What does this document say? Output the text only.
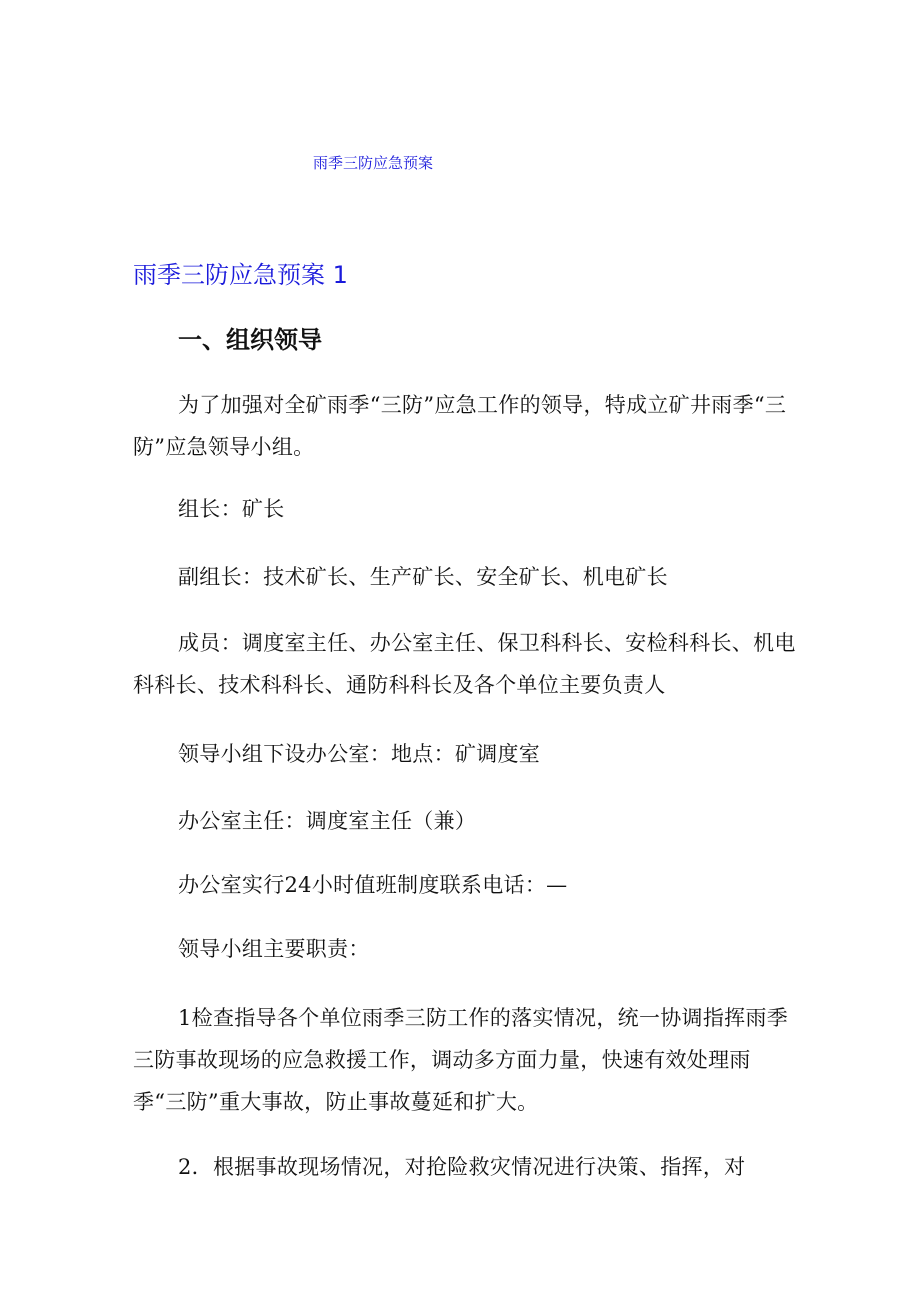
雨季三防应急预案
雨季三防应急预案 1
一、组织领导
为了加强对全矿雨季“三防”应急工作的领导，特成立矿井雨季“三防”应急领导小组。
组长：矿长
副组长：技术矿长、生产矿长、安全矿长、机电矿长
成员：调度室主任、办公室主任、保卫科科长、安检科科长、机电科科长、技术科科长、通防科科长及各个单位主要负责人
领导小组下设办公室：地点：矿调度室
办公室主任：调度室主任（兼）
办公室实行24小时值班制度联系电话：—
领导小组主要职责：
1检查指导各个单位雨季三防工作的落实情况，统一协调指挥雨季三防事故现场的应急救援工作，调动多方面力量，快速有效处理雨季“三防”重大事故，防止事故蔓延和扩大。
2．根据事故现场情况，对抢险救灾情况进行决策、指挥，对
